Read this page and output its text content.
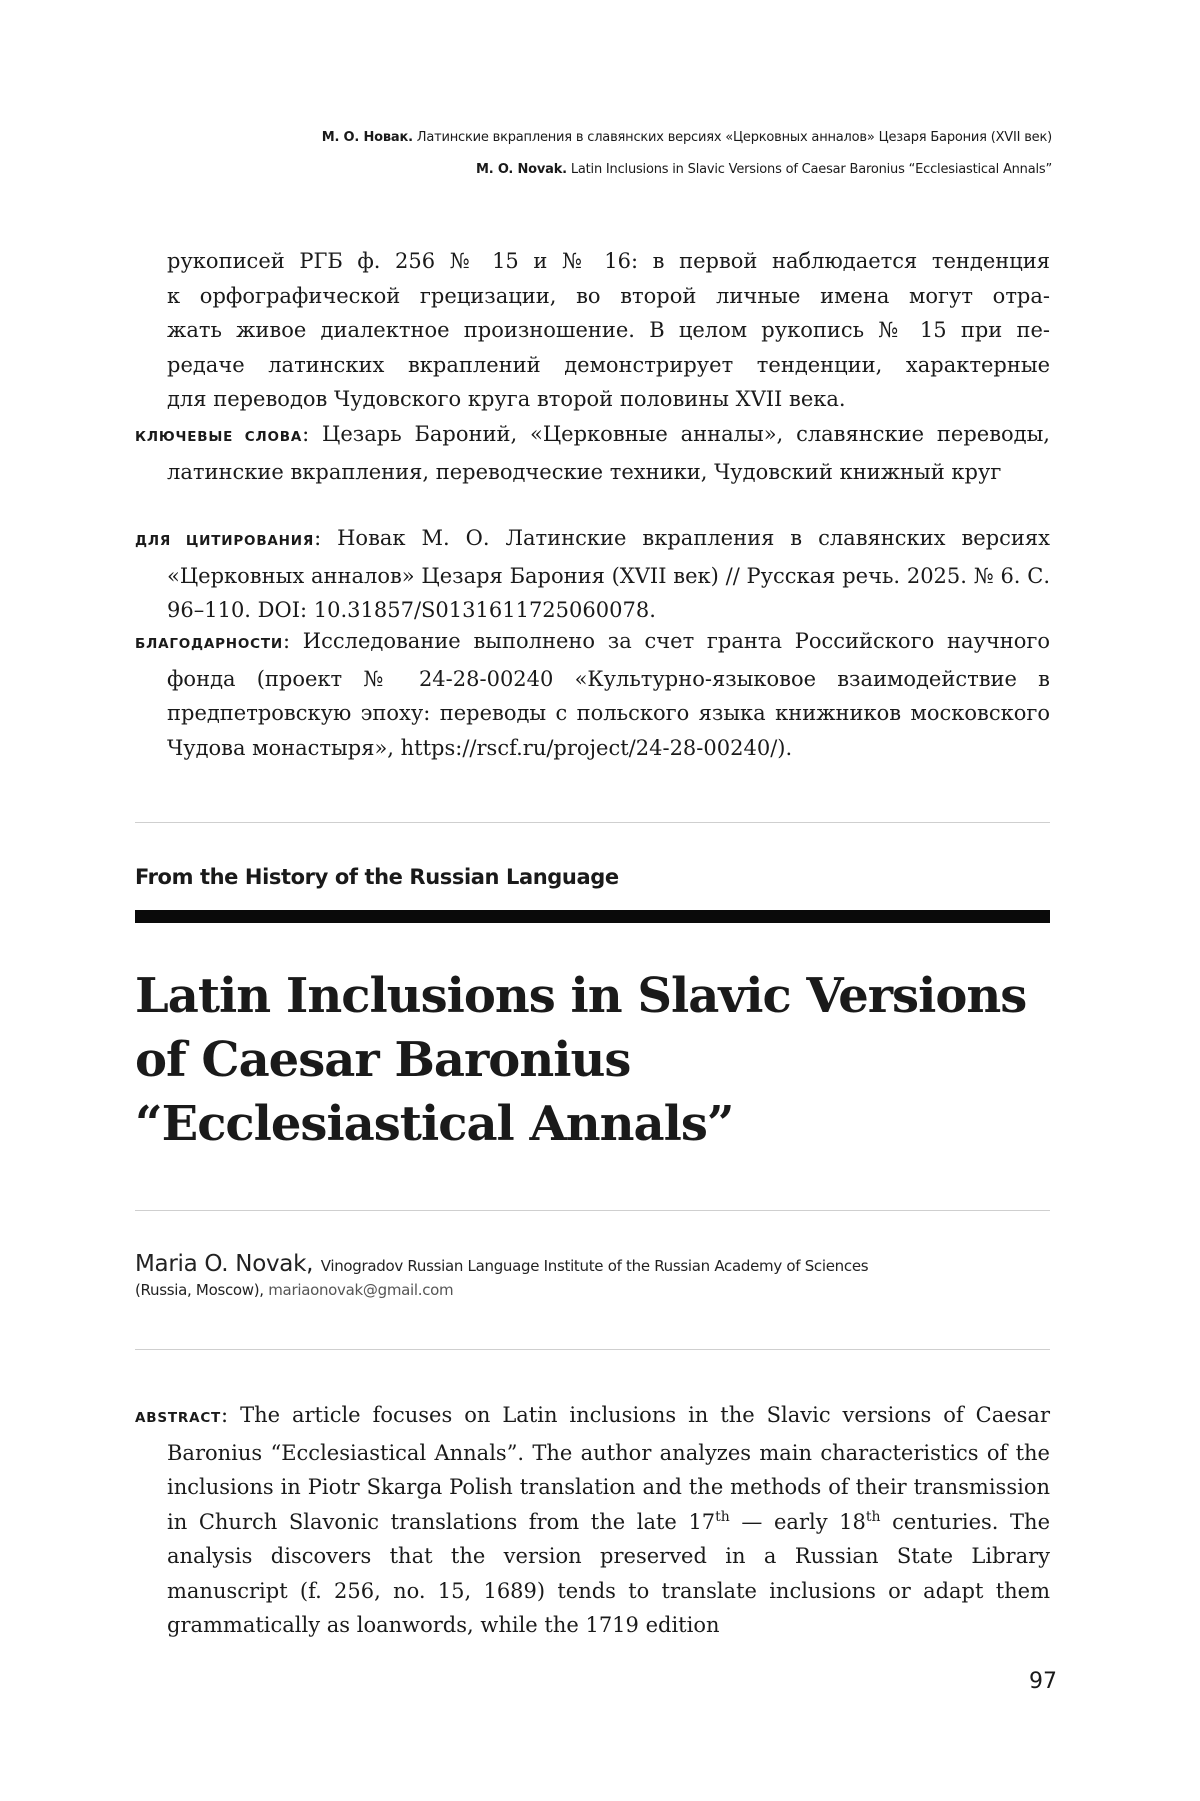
М. О. Новак. Латинские вкрапления в славянских версиях «Церковных анналов» Цезаря Барония (XVII век)
M. O. Novak. Latin Inclusions in Slavic Versions of Caesar Baronius “Ecclesiastical Annals”
рукописей РГБ ф. 256 № 15 и № 16: в первой наблюдается тенденция
к орфографической грецизации, во второй личные имена могут отра-
жать живое диалектное произношение. В целом рукопись № 15 при пе-
редаче латинских вкраплений демонстрирует тенденции, характерные
для переводов Чудовского круга второй половины XVII века.
КЛЮЧЕВЫЕ СЛОВА: Цезарь Бароний, «Церковные анналы», славянские переводы, латинские вкрапления, переводческие техники, Чудовский книжный круг
ДЛЯ ЦИТИРОВАНИЯ: Новак М. О. Латинские вкрапления в славянских версиях «Церковных анналов» Цезаря Барония (XVII век) // Русская речь. 2025. № 6. С. 96–110. DOI: 10.31857/S0131611725060078.
БЛАГОДАРНОСТИ: Исследование выполнено за счет гранта Российского научного фонда (проект № 24-28-00240 «Культурно-языковое взаимодействие в предпетровскую эпоху: переводы с польского языка книжников московского Чудова монастыря», https://rscf.ru/project/24-28-00240/).
From the History of the Russian Language
Latin Inclusions in Slavic Versions
of Caesar Baronius
“Ecclesiastical Annals”
Maria O. Novak, Vinogradov Russian Language Institute of the Russian Academy of Sciences
(Russia, Moscow), mariaonovak@gmail.com
ABSTRACT: The article focuses on Latin inclusions in the Slavic versions of Caesar Baronius “Ecclesiastical Annals”. The author analyzes main characteristics of the inclusions in Piotr Skarga Polish translation and the methods of their transmission in Church Slavonic translations from the late 17th — early 18th centuries. The analysis discovers that the version preserved in a Russian State Library manuscript (f. 256, no. 15, 1689) tends to translate inclusions or adapt them grammatically as loanwords, while the 1719 edition
97
